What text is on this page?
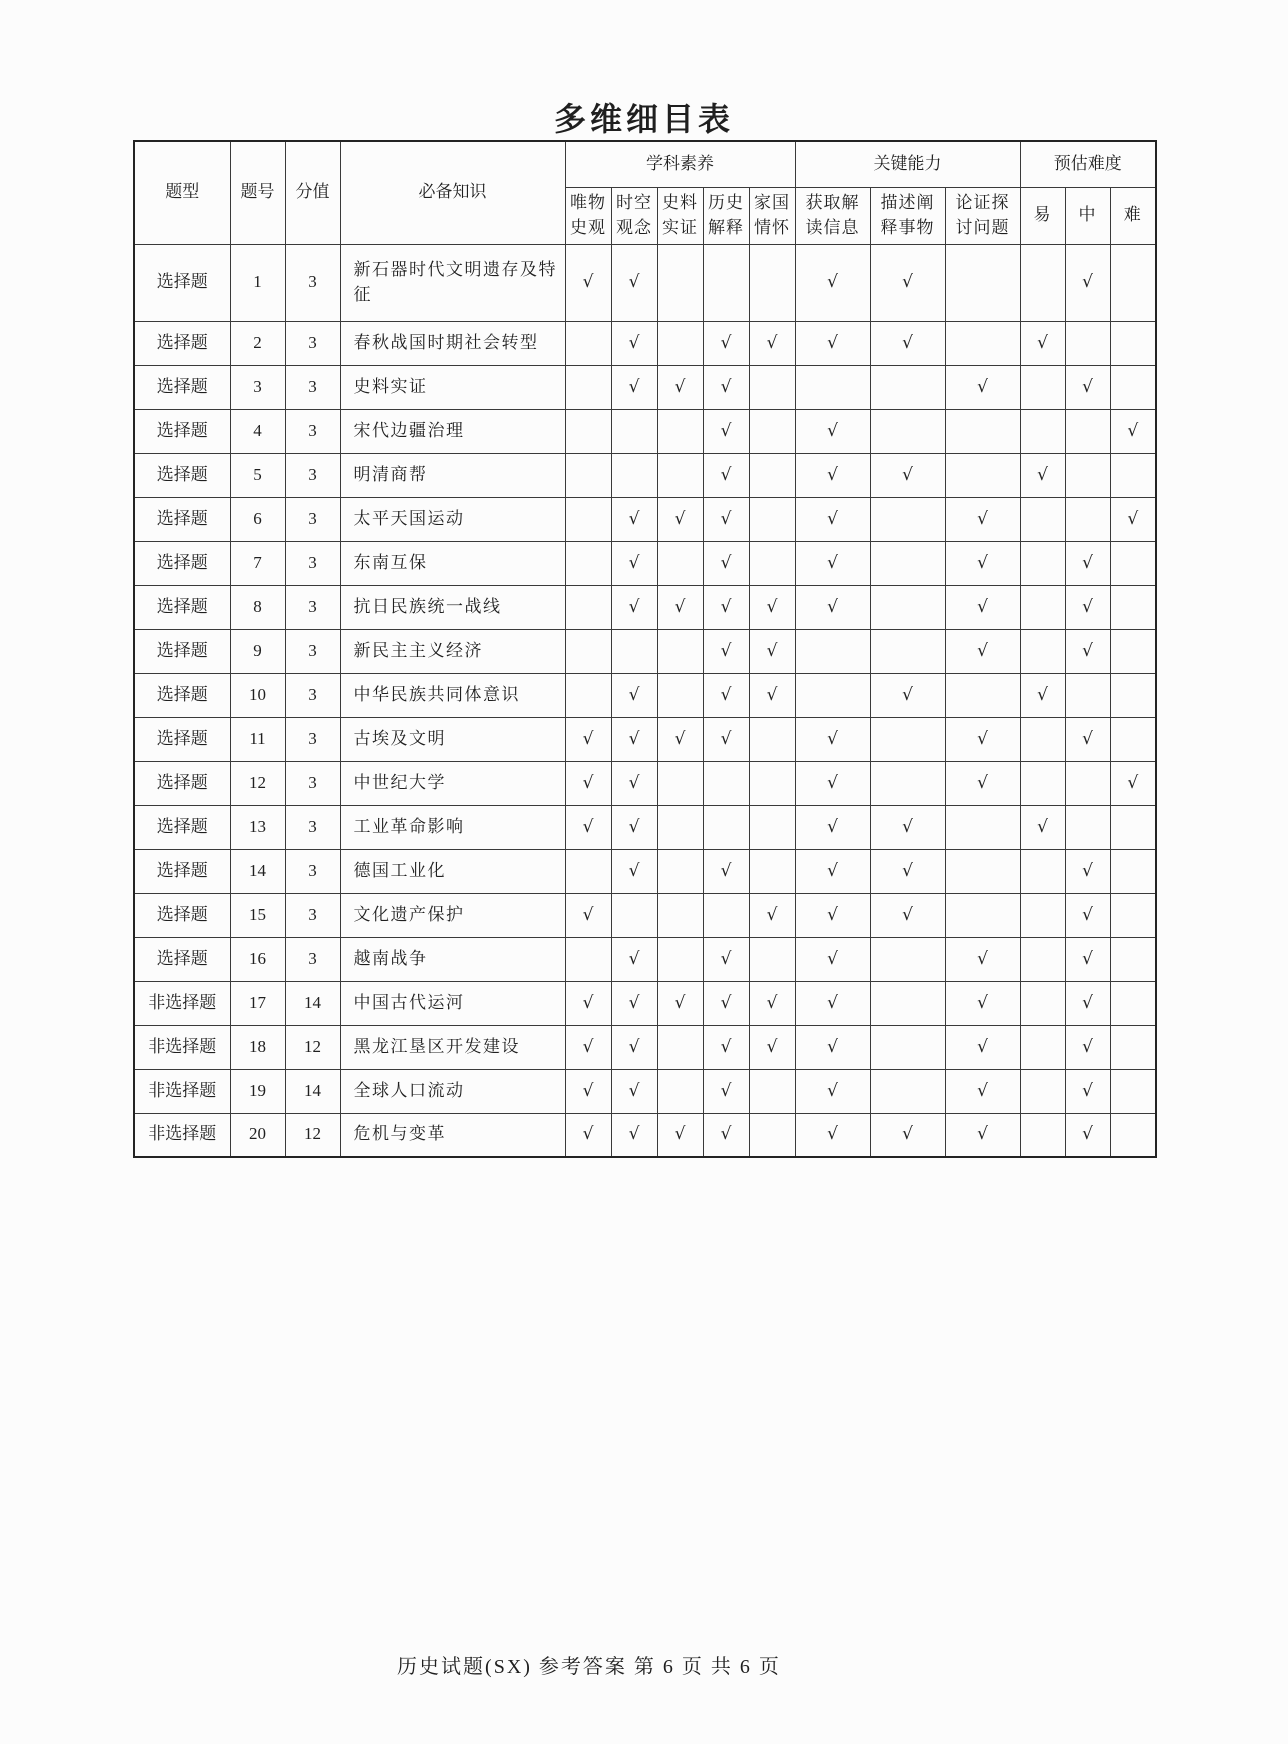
多维细目表
题型	题号	分值	必备知识	学科素养					关键能力			预估难度		
				唯物史观	时空观念	史料实证	历史解释	家国情怀	获取解读信息	描述阐释事物	论证探讨问题	易	中	难
选择题	1	3	新石器时代文明遗存及特征	√	√				√	√			√	
选择题	2	3	春秋战国时期社会转型		√		√	√	√	√		√		
选择题	3	3	史料实证		√	√	√				√		√	
选择题	4	3	宋代边疆治理				√		√					√
选择题	5	3	明清商帮				√		√	√		√		
选择题	6	3	太平天国运动		√	√	√		√		√			√
选择题	7	3	东南互保		√		√		√		√		√	
选择题	8	3	抗日民族统一战线		√	√	√	√	√		√		√	
选择题	9	3	新民主主义经济				√	√			√		√	
选择题	10	3	中华民族共同体意识		√		√	√		√		√		
选择题	11	3	古埃及文明	√	√	√	√		√		√		√	
选择题	12	3	中世纪大学	√	√				√		√			√
选择题	13	3	工业革命影响	√	√				√	√		√		
选择题	14	3	德国工业化		√		√		√	√			√	
选择题	15	3	文化遗产保护	√				√	√	√			√	
选择题	16	3	越南战争		√		√		√		√		√	
非选择题	17	14	中国古代运河	√	√	√	√	√	√		√		√	
非选择题	18	12	黑龙江垦区开发建设	√	√		√	√	√		√		√	
非选择题	19	14	全球人口流动	√	√		√		√		√		√	
非选择题	20	12	危机与变革	√	√	√	√		√	√	√		√	
历史试题(SX) 参考答案 第 6 页 共 6 页
